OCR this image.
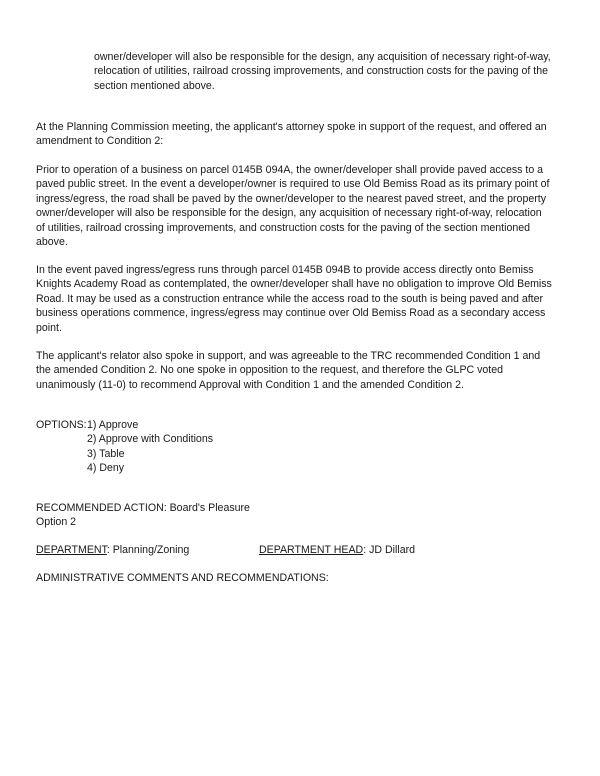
owner/developer will also be responsible for the design, any acquisition of necessary right-of-way,
relocation of utilities, railroad crossing improvements, and construction costs for the paving of the
section mentioned above.
At the Planning Commission meeting, the applicant's attorney spoke in support of the request, and offered an
amendment to Condition 2:
Prior to operation of a business on parcel 0145B 094A, the owner/developer shall provide paved access to a
paved public street. In the event a developer/owner is required to use Old Bemiss Road as its primary point of
ingress/egress, the road shall be paved by the owner/developer to the nearest paved street, and the property
owner/developer will also be responsible for the design, any acquisition of necessary right-of-way, relocation
of utilities, railroad crossing improvements, and construction costs for the paving of the section mentioned
above.
In the event paved ingress/egress runs through parcel 0145B 094B to provide access directly onto Bemiss
Knights Academy Road as contemplated, the owner/developer shall have no obligation to improve Old Bemiss
Road. It may be used as a construction entrance while the access road to the south is being paved and after
business operations commence, ingress/egress may continue over Old Bemiss Road as a secondary access
point.
The applicant's relator also spoke in support, and was agreeable to the TRC recommended Condition 1 and
the amended Condition 2. No one spoke in opposition to the request, and therefore the GLPC voted
unanimously (11-0) to recommend Approval with Condition 1 and the amended Condition 2.
OPTIONS: 1) Approve
2) Approve with Conditions
3) Table
4) Deny
RECOMMENDED ACTION: Board's Pleasure
Option 2
DEPARTMENT: Planning/Zoning	DEPARTMENT HEAD: JD Dillard
ADMINISTRATIVE COMMENTS AND RECOMMENDATIONS:
